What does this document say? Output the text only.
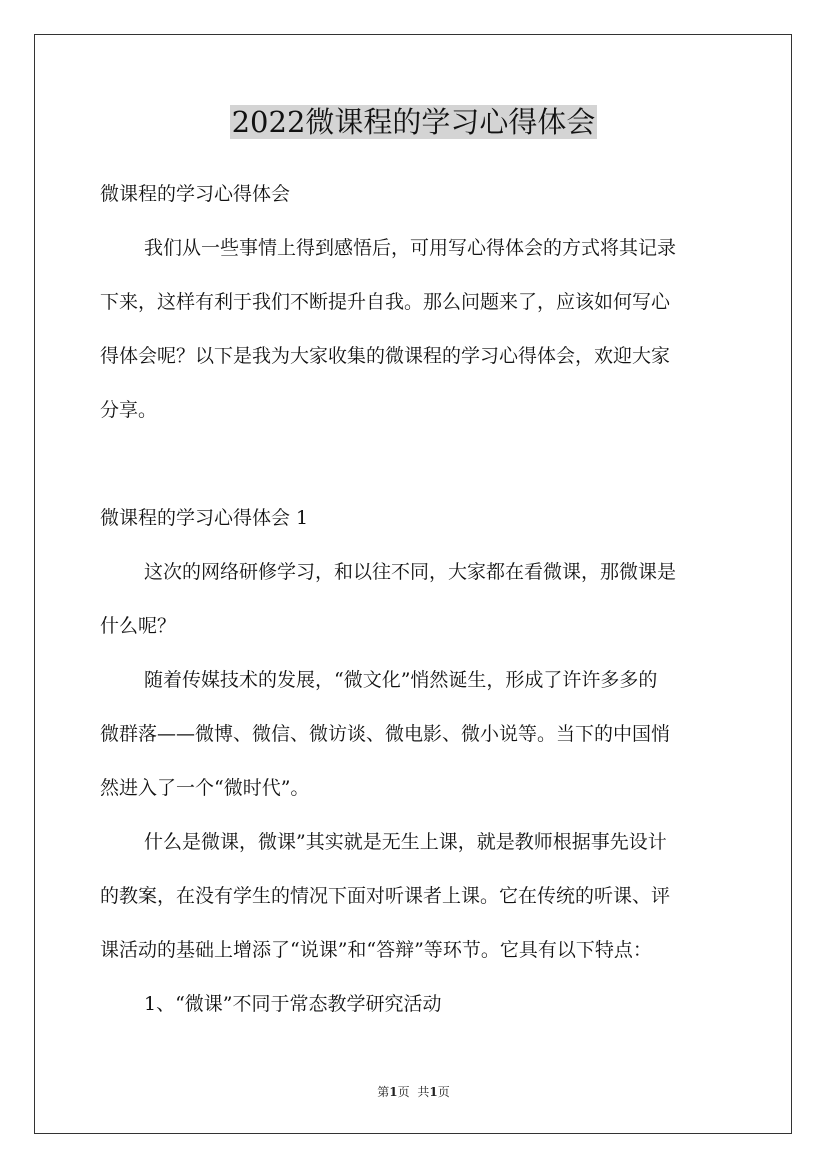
2022微课程的学习心得体会
微课程的学习心得体会
我们从一些事情上得到感悟后，可用写心得体会的方式将其记录
下来，这样有利于我们不断提升自我。那么问题来了，应该如何写心
得体会呢？以下是我为大家收集的微课程的学习心得体会，欢迎大家
分享。
微课程的学习心得体会 1
这次的网络研修学习，和以往不同，大家都在看微课，那微课是
什么呢？
随着传媒技术的发展，“微文化”悄然诞生，形成了许许多多的
微群落——微博、微信、微访谈、微电影、微小说等。当下的中国悄
然进入了一个“微时代”。
什么是微课，微课”其实就是无生上课，就是教师根据事先设计
的教案，在没有学生的情况下面对听课者上课。它在传统的听课、评
课活动的基础上增添了“说课”和“答辩”等环节。它具有以下特点：
1、“微课”不同于常态教学研究活动
第1页 共1页
